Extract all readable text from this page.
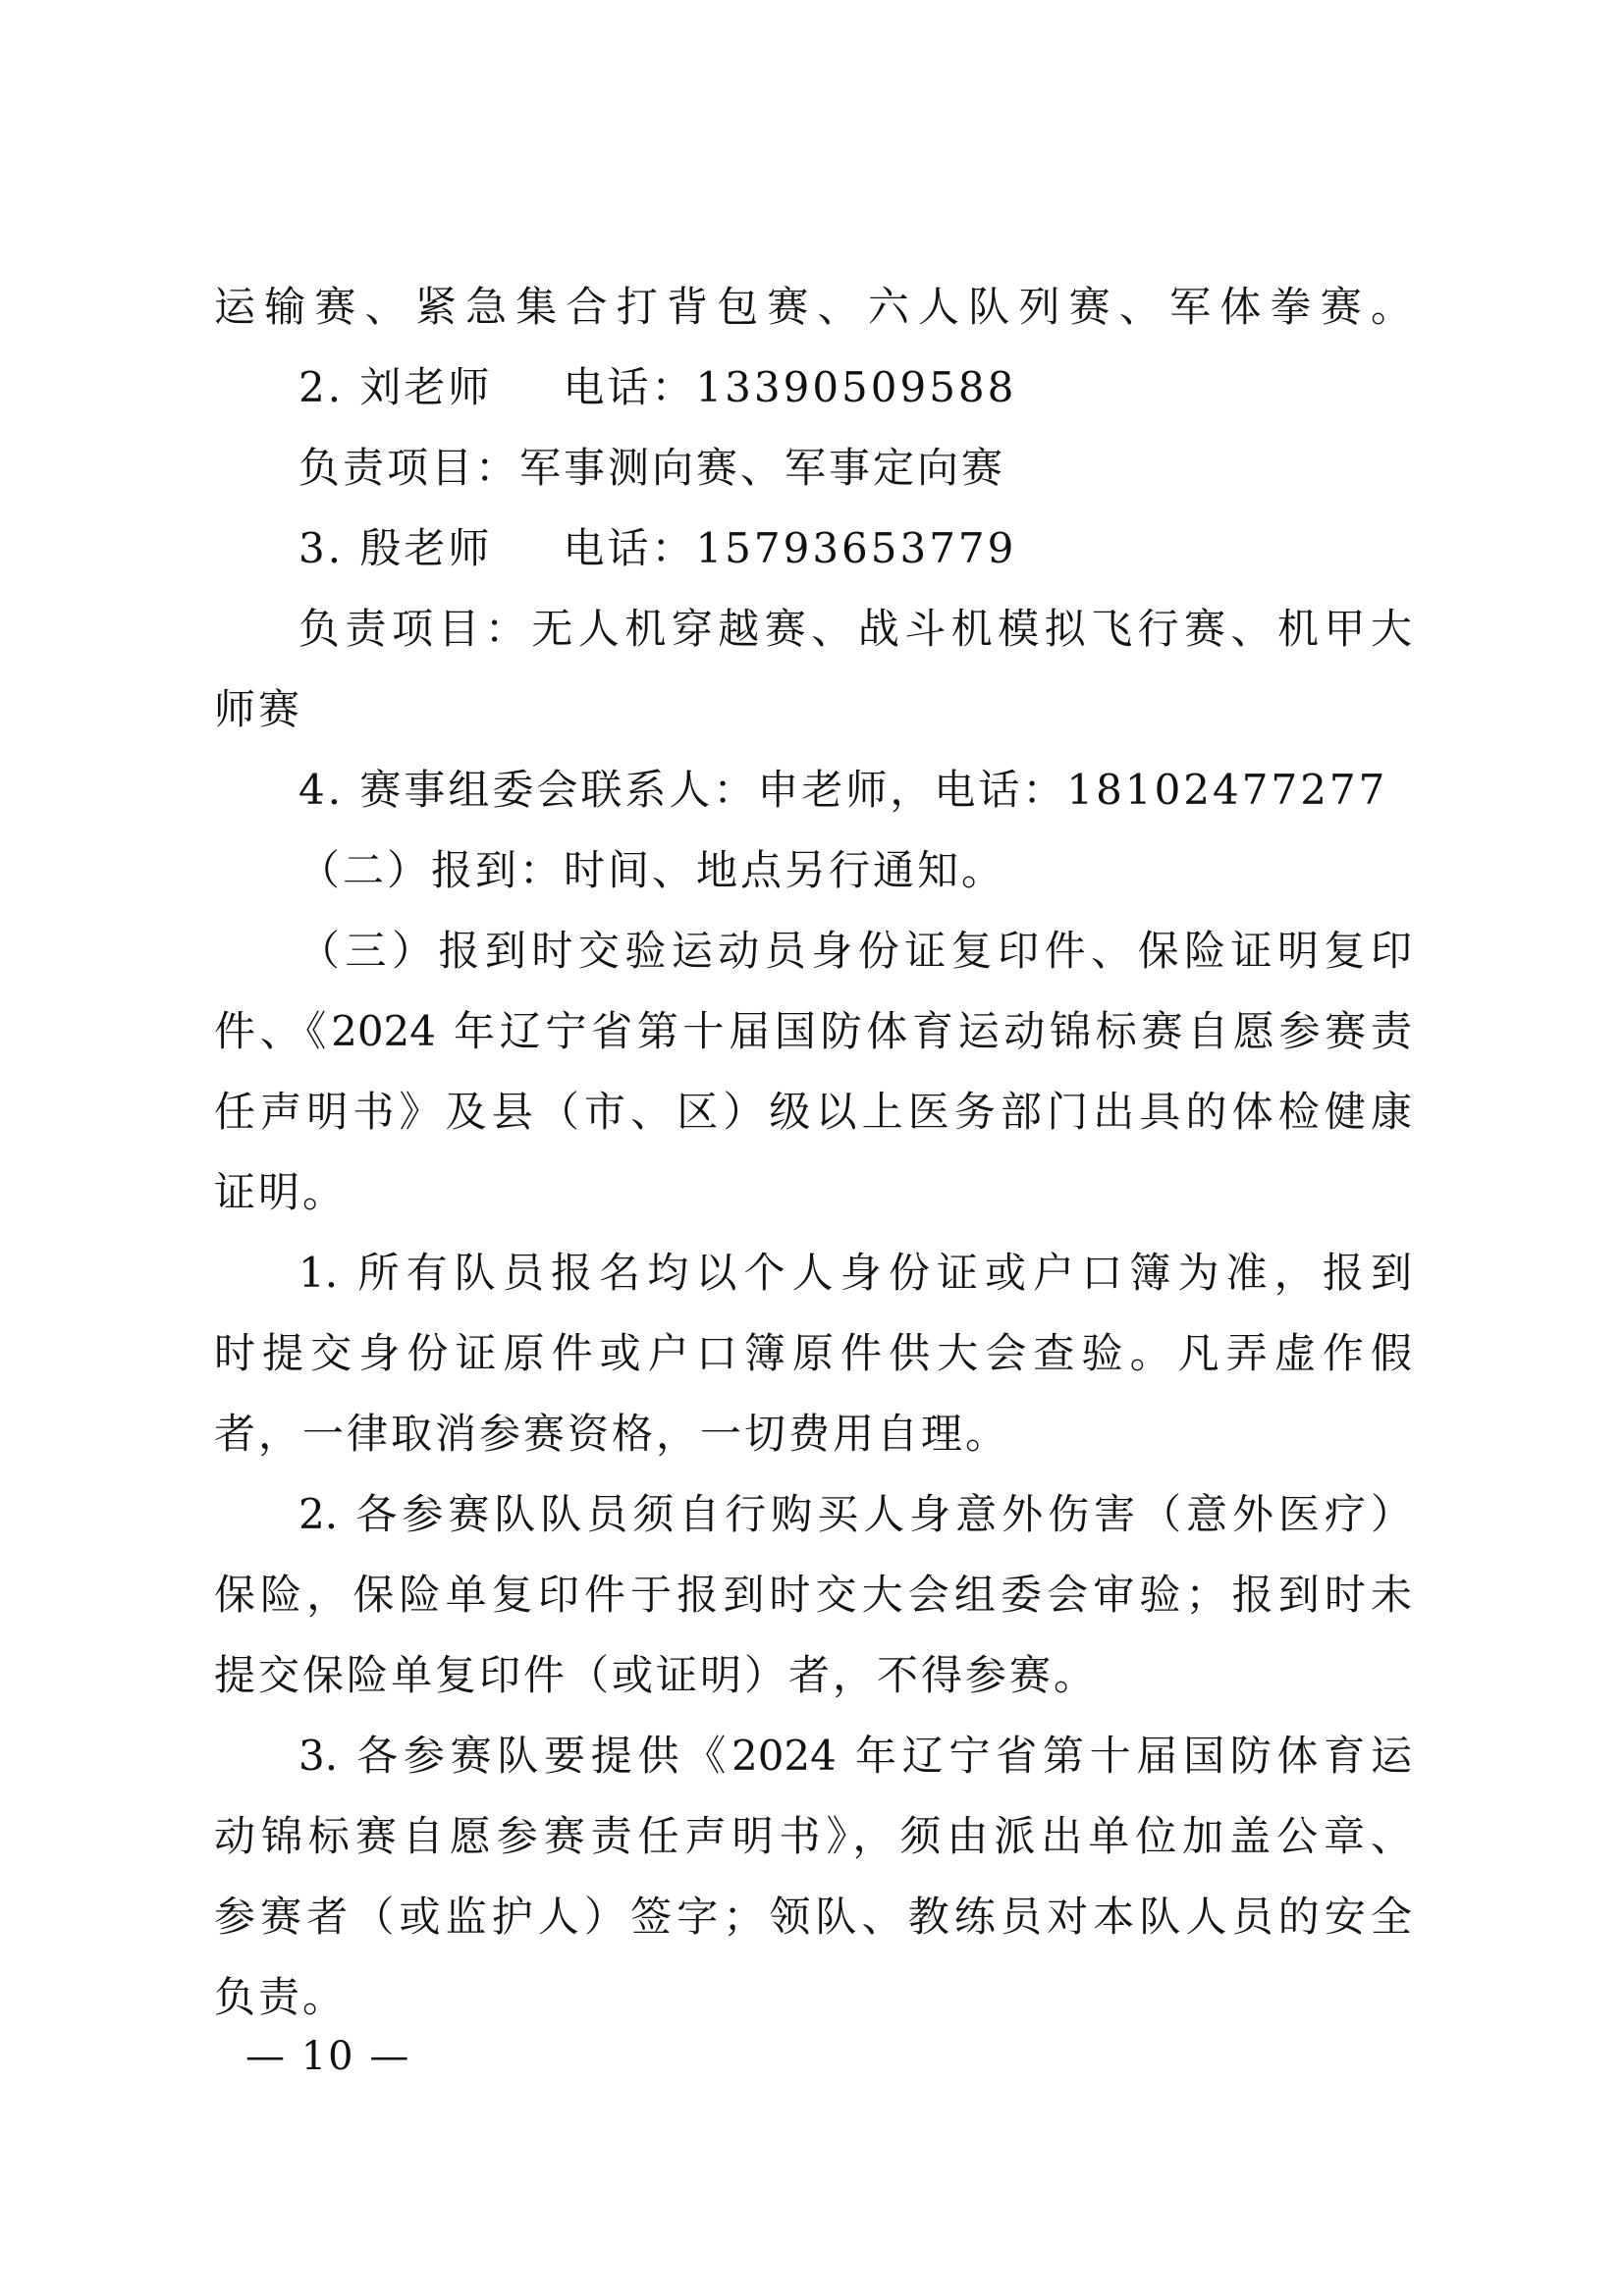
运输赛、紧急集合打背包赛、六人队列赛、军体拳赛。
2. 刘老师 电话：13390509588
负责项目：军事测向赛、军事定向赛
3. 殷老师 电话：15793653779
负责项目：无人机穿越赛、战斗机模拟飞行赛、机甲大
师赛
4. 赛事组委会联系人：申老师，电话：18102477277
（二）报到：时间、地点另行通知。
（三）报到时交验运动员身份证复印件、保险证明复印
件、《2024 年辽宁省第十届国防体育运动锦标赛自愿参赛责
任声明书》及县（市、区）级以上医务部门出具的体检健康
证明。
1. 所有队员报名均以个人身份证或户口簿为准，报到
时提交身份证原件或户口簿原件供大会查验。凡弄虚作假
者，一律取消参赛资格，一切费用自理。
2. 各参赛队队员须自行购买人身意外伤害（意外医疗）
保险，保险单复印件于报到时交大会组委会审验；报到时未
提交保险单复印件（或证明）者，不得参赛。
3. 各参赛队要提供《2024 年辽宁省第十届国防体育运
动锦标赛自愿参赛责任声明书》，须由派出单位加盖公章、
参赛者（或监护人）签字；领队、教练员对本队人员的安全
负责。
— 10 —
